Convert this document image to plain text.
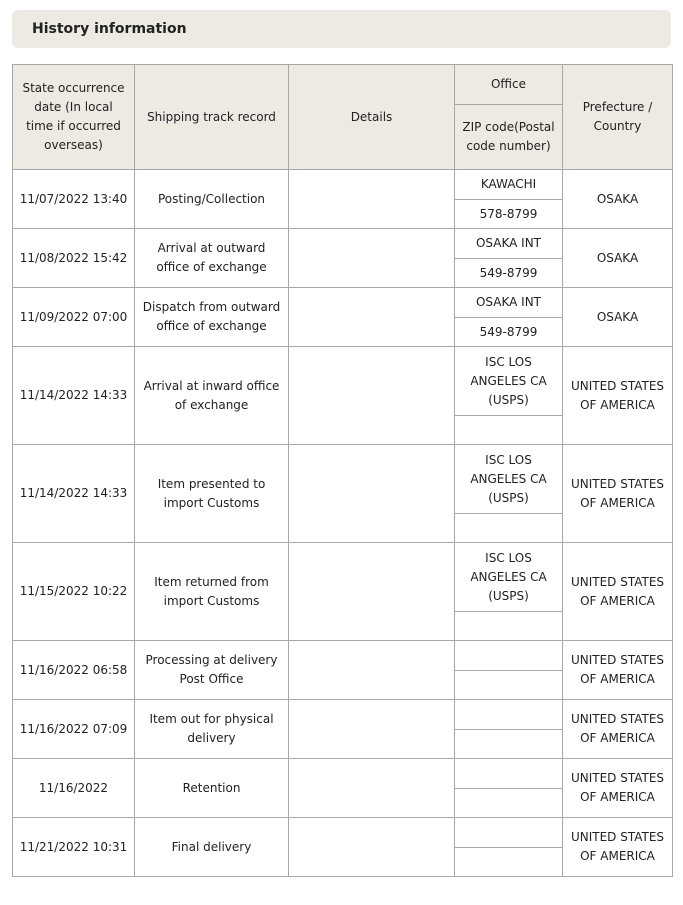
History information
State occurrence date (In local time if occurred overseas)	Shipping track record	Details	Office	Prefecture / Country
			ZIP code(Postal code number)	
11/07/2022 13:40	Posting/Collection		KAWACHI	OSAKA
			578-8799	
11/08/2022 15:42	Arrival at outward office of exchange		OSAKA INT	OSAKA
			549-8799	
11/09/2022 07:00	Dispatch from outward office of exchange		OSAKA INT	OSAKA
			549-8799	
11/14/2022 14:33	Arrival at inward office of exchange		ISC LOS ANGELES CA (USPS)	UNITED STATES OF AMERICA

11/14/2022 14:33	Item presented to import Customs		ISC LOS ANGELES CA (USPS)	UNITED STATES OF AMERICA

11/15/2022 10:22	Item returned from import Customs		ISC LOS ANGELES CA (USPS)	UNITED STATES OF AMERICA

11/16/2022 06:58	Processing at delivery Post Office			UNITED STATES OF AMERICA

11/16/2022 07:09	Item out for physical delivery			UNITED STATES OF AMERICA

11/16/2022	Retention			UNITED STATES OF AMERICA

11/21/2022 10:31	Final delivery			UNITED STATES OF AMERICA
